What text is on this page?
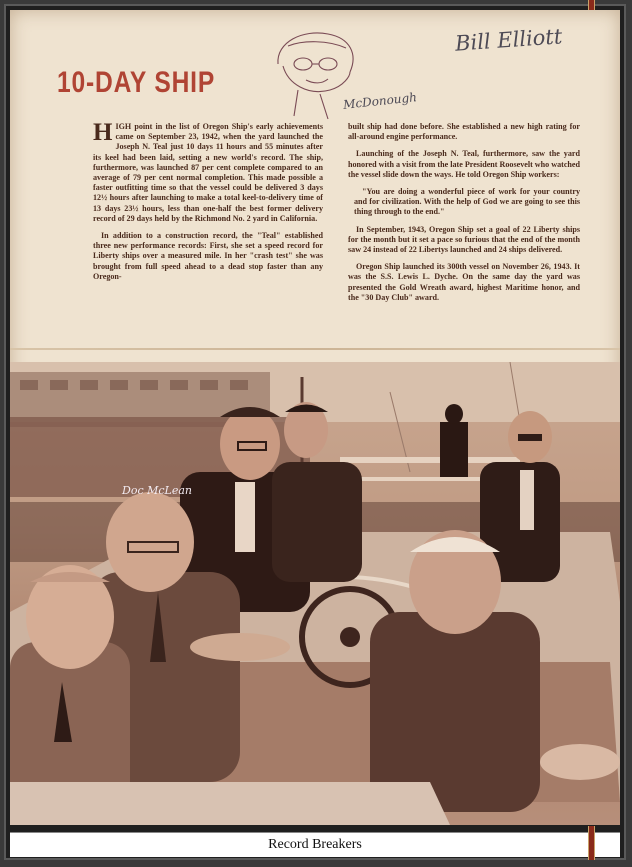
Bill Elliott
McDonough
10-DAY SHIP

HIGH point in the list of Oregon Ship's early achievements came on September 23, 1942, when the yard launched the Joseph N. Teal just 10 days 11 hours and 55 minutes after its keel had been laid, setting a new world's record. The ship, furthermore, was launched 87 per cent complete compared to an average of 79 per cent normal completion. This made possible a faster outfitting time so that the vessel could be delivered 3 days 12½ hours after launching to make a total keel-to-delivery time of 13 days 23½ hours, less than one-half the best former delivery record of 29 days held by the Richmond No. 2 yard in California.

In addition to a construction record, the "Teal" established three new performance records: First, she set a speed record for Liberty ships over a measured mile. In her "crash test" she was brought from full speed ahead to a dead stop faster than any Oregon-

built ship had done before. She established a new high rating for all-around engine performance.

Launching of the Joseph N. Teal, furthermore, saw the yard honored with a visit from the late President Roosevelt who watched the vessel slide down the ways. He told Oregon Ship workers:

"You are doing a wonderful piece of work for your country and for civilization. With the help of God we are going to see this thing through to the end."

In September, 1943, Oregon Ship set a goal of 22 Liberty ships for the month but it set a pace so furious that the end of the month saw 24 instead of 22 Libertys launched and 24 ships delivered.

Oregon Ship launched its 300th vessel on November 26, 1943. It was the S.S. Lewis L. Dyche. On the same day the yard was presented the Gold Wreath award, highest Maritime honor, and the "30 Day Club" award.

Doc McLean
Record Breakers
